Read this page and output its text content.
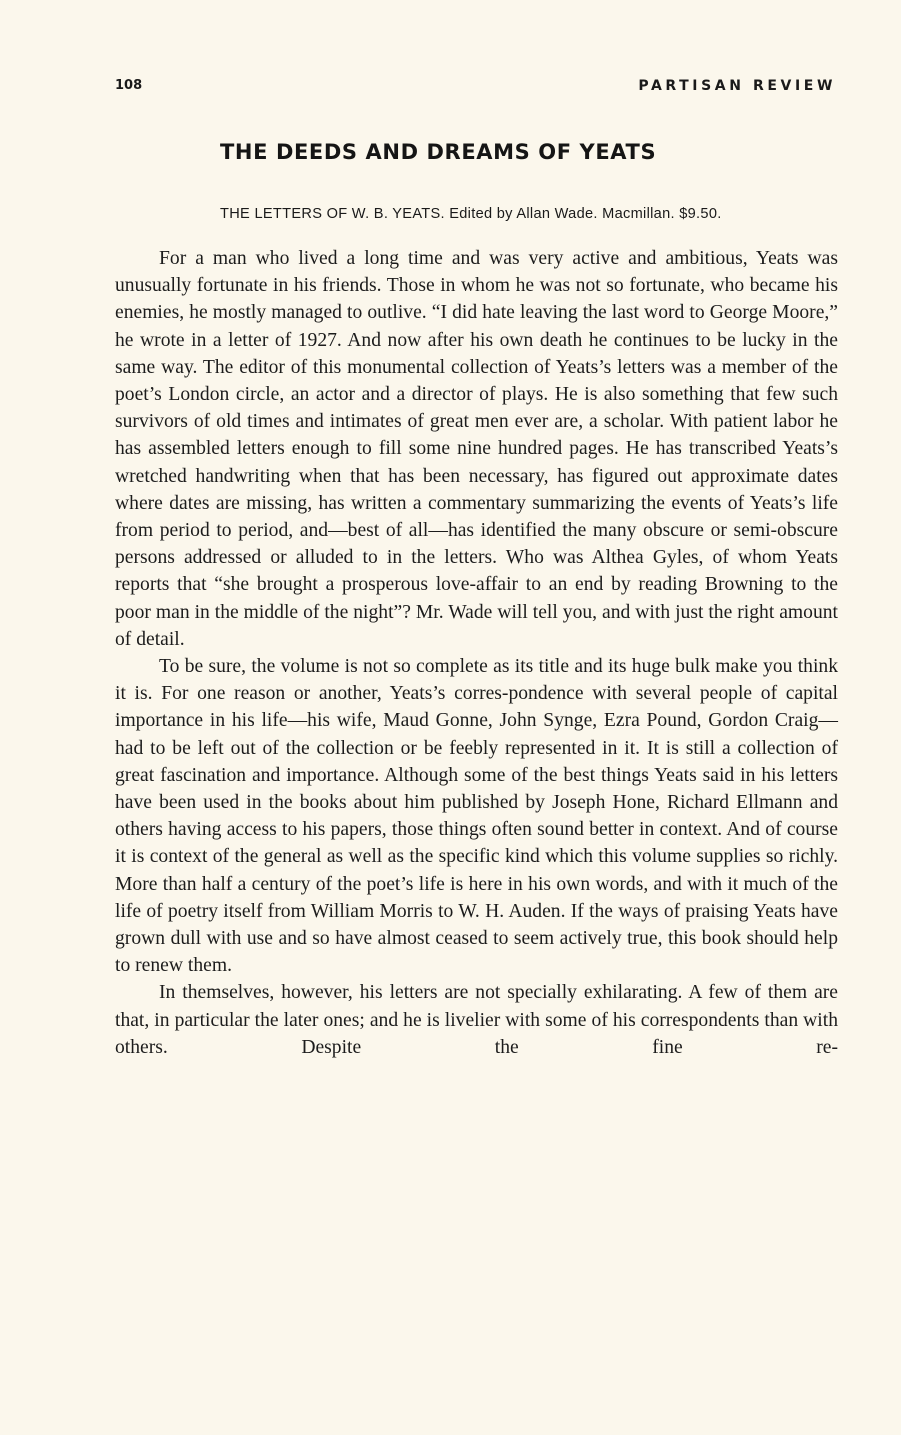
108	PARTISAN REVIEW
THE DEEDS AND DREAMS OF YEATS
THE LETTERS OF W. B. YEATS. Edited by Allan Wade. Macmillan. $9.50.

For a man who lived a long time and was very active and ambitious, Yeats was unusually fortunate in his friends. Those in whom he was not so fortunate, who became his enemies, he mostly managed to outlive. “I did hate leaving the last word to George Moore,” he wrote in a letter of 1927. And now after his own death he continues to be lucky in the same way. The editor of this monumental collection of Yeats’s letters was a member of the poet’s London circle, an actor and a director of plays. He is also something that few such survivors of old times and intimates of great men ever are, a scholar. With patient labor he has assembled letters enough to fill some nine hundred pages. He has transcribed Yeats’s wretched handwriting when that has been necessary, has figured out approximate dates where dates are missing, has written a commentary summarizing the events of Yeats’s life from period to period, and—best of all—has identified the many obscure or semi-obscure persons addressed or alluded to in the letters. Who was Althea Gyles, of whom Yeats reports that “she brought a prosperous love-affair to an end by reading Browning to the poor man in the middle of the night”? Mr. Wade will tell you, and with just the right amount of detail.

To be sure, the volume is not so complete as its title and its huge bulk make you think it is. For one reason or another, Yeats’s corres-pondence with several people of capital importance in his life—his wife, Maud Gonne, John Synge, Ezra Pound, Gordon Craig—had to be left out of the collection or be feebly represented in it. It is still a collection of great fascination and importance. Although some of the best things Yeats said in his letters have been used in the books about him published by Joseph Hone, Richard Ellmann and others having access to his papers, those things often sound better in context. And of course it is context of the general as well as the specific kind which this volume supplies so richly. More than half a century of the poet’s life is here in his own words, and with it much of the life of poetry itself from William Morris to W. H. Auden. If the ways of praising Yeats have grown dull with use and so have almost ceased to seem actively true, this book should help to renew them.

In themselves, however, his letters are not specially exhilarating. A few of them are that, in particular the later ones; and he is livelier with some of his correspondents than with others. Despite the fine re-
